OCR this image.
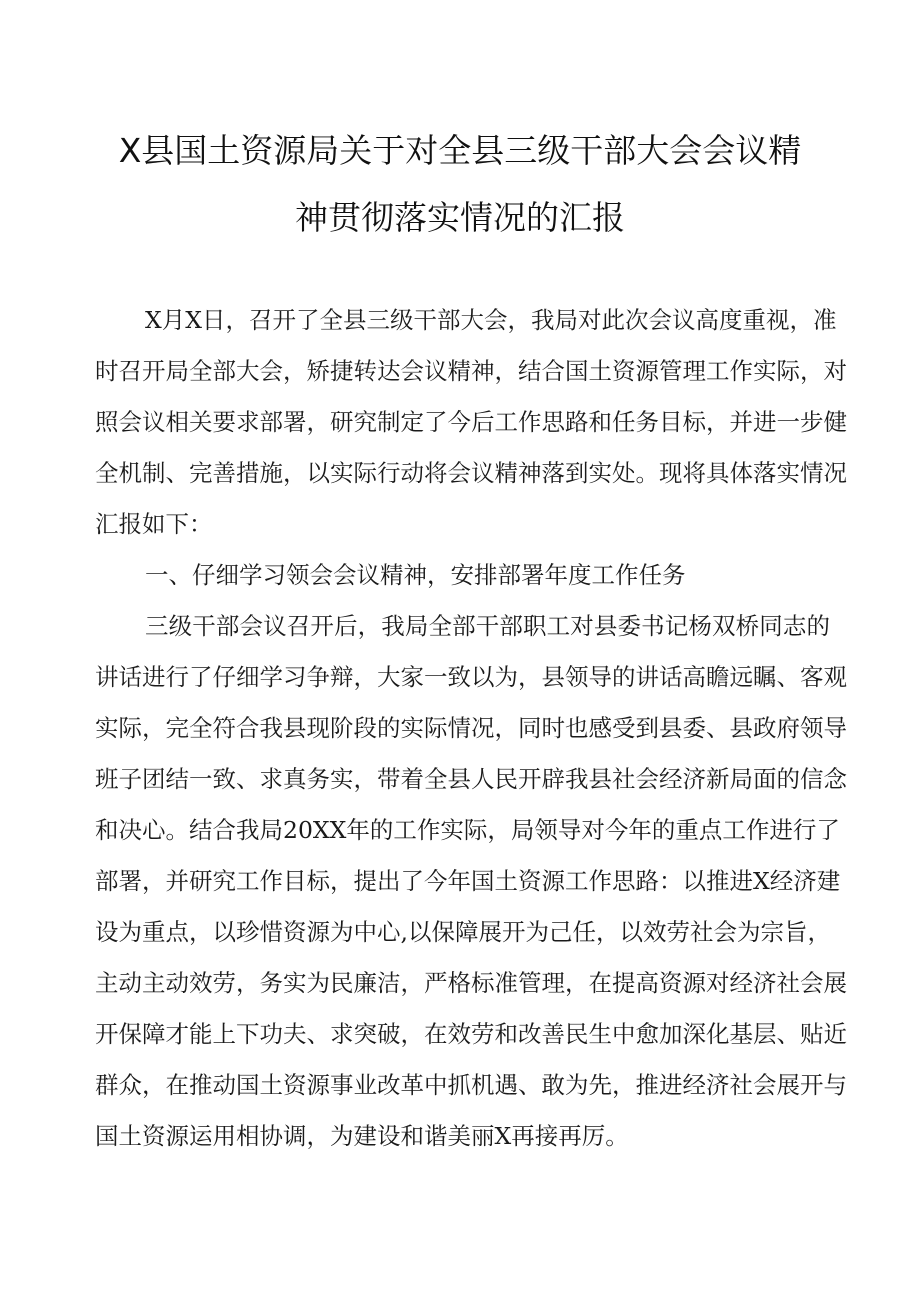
X县国土资源局关于对全县三级干部大会会议精
神贯彻落实情况的汇报
X月X日，召开了全县三级干部大会，我局对此次会议高度重视，准
时召开局全部大会，矫捷转达会议精神，结合国土资源管理工作实际，对
照会议相关要求部署，研究制定了今后工作思路和任务目标，并进一步健
全机制、完善措施，以实际行动将会议精神落到实处。现将具体落实情况
汇报如下：
一、仔细学习领会会议精神，安排部署年度工作任务
三级干部会议召开后，我局全部干部职工对县委书记杨双桥同志的
讲话进行了仔细学习争辩，大家一致以为，县领导的讲话高瞻远瞩、客观
实际，完全符合我县现阶段的实际情况，同时也感受到县委、县政府领导
班子团结一致、求真务实，带着全县人民开辟我县社会经济新局面的信念
和决心。结合我局20XX年的工作实际，局领导对今年的重点工作进行了
部署，并研究工作目标，提出了今年国土资源工作思路：以推进X经济建
设为重点，以珍惜资源为中心,以保障展开为己任，以效劳社会为宗旨，
主动主动效劳，务实为民廉洁，严格标准管理，在提高资源对经济社会展
开保障才能上下功夫、求突破，在效劳和改善民生中愈加深化基层、贴近
群众，在推动国土资源事业改革中抓机遇、敢为先，推进经济社会展开与
国土资源运用相协调，为建设和谐美丽X再接再厉。
